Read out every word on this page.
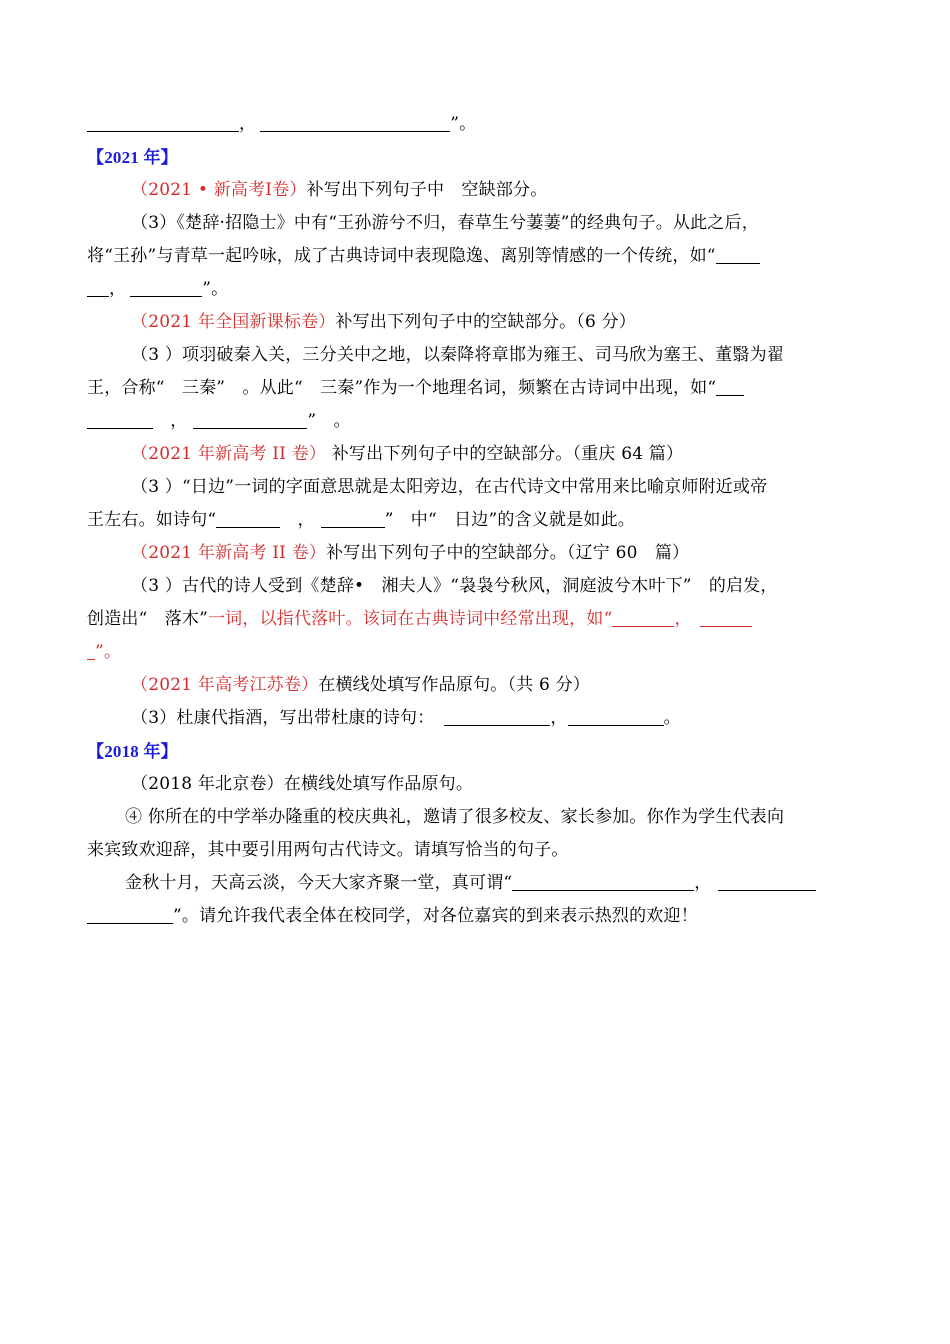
，	”。
【2021 年】
（2021 • 新高考Ⅰ卷）补写出下列句子中　空缺部分。
（3）《楚辞·招隐士》中有“王孙游兮不归，春草生兮萋萋”的经典句子。从此之后，
将“王孙”与青草一起吟咏，成了古典诗词中表现隐逸、离别等情感的一个传统，如“
，	”。
（2021 年全国新课标卷）补写出下列句子中的空缺部分。（6 分）
（3 ）项羽破秦入关，三分关中之地，以秦降将章邯为雍王、司马欣为塞王、董翳为翟
王，合称“　三秦”　。从此“　三秦”作为一个地理名词，频繁在古诗词中出现，如“
　，	”　。
（2021 年新高考 II 卷） 补写出下列句子中的空缺部分。（重庆 64 篇）
（3 ）“日边”一词的字面意思就是太阳旁边，在古代诗文中常用来比喻京师附近或帝
王左右。如诗句“	　，	”　中“　日边”的含义就是如此。
（2021 年新高考 II 卷）补写出下列句子中的空缺部分。（辽宁 60　篇）
（3 ）古代的诗人受到《楚辞•　湘夫人》“袅袅兮秋风，洞庭波兮木叶下”　的启发，
创造出“　落木”一词，以指代落叶。该词在古典诗词中经常出现，如“	，
”。
（2021 年高考江苏卷）在横线处填写作品原句。（共 6 分）
（3）杜康代指酒，写出带杜康的诗句：	，	。
【2018 年】
（2018 年北京卷）在横线处填写作品原句。
④ 你所在的中学举办隆重的校庆典礼，邀请了很多校友、家长参加。你作为学生代表向
来宾致欢迎辞，其中要引用两句古代诗文。请填写恰当的句子。
金秋十月，天高云淡，今天大家齐聚一堂，真可谓“	，
”。请允许我代表全体在校同学，对各位嘉宾的到来表示热烈的欢迎！
